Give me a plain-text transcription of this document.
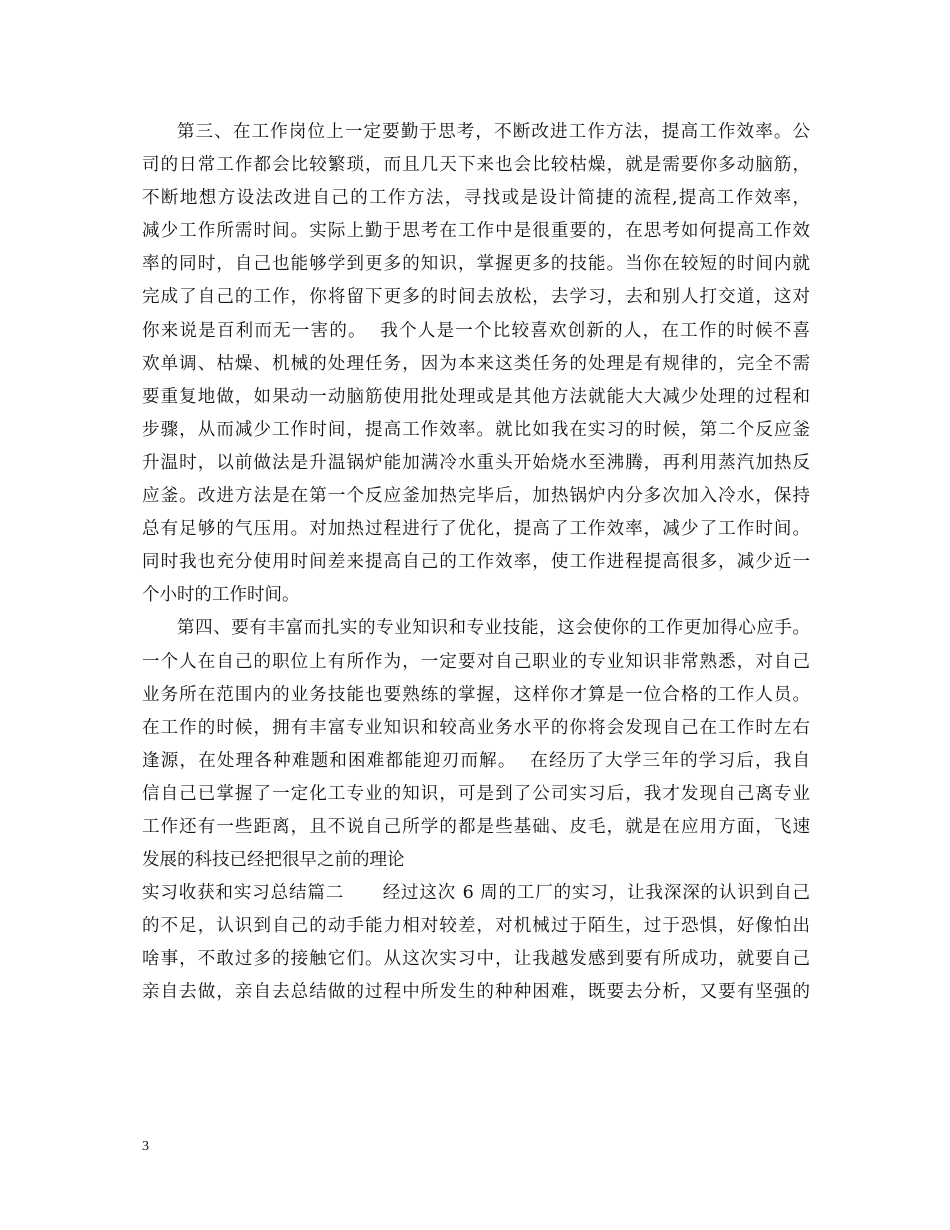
第三、在工作岗位上一定要勤于思考，不断改进工作方法，提高工作效率。公
司的日常工作都会比较繁琐，而且几天下来也会比较枯燥，就是需要你多动脑筋，
不断地想方设法改进自己的工作方法，寻找或是设计简捷的流程,提高工作效率，
减少工作所需时间。实际上勤于思考在工作中是很重要的，在思考如何提高工作效
率的同时，自己也能够学到更多的知识，掌握更多的技能。当你在较短的时间内就
完成了自己的工作，你将留下更多的时间去放松，去学习，去和别人打交道，这对
你来说是百利而无一害的。  我个人是一个比较喜欢创新的人，在工作的时候不喜
欢单调、枯燥、机械的处理任务，因为本来这类任务的处理是有规律的，完全不需
要重复地做，如果动一动脑筋使用批处理或是其他方法就能大大减少处理的过程和
步骤，从而减少工作时间，提高工作效率。就比如我在实习的时候，第二个反应釜
升温时，以前做法是升温锅炉能加满冷水重头开始烧水至沸腾，再利用蒸汽加热反
应釜。改进方法是在第一个反应釜加热完毕后，加热锅炉内分多次加入冷水，保持
总有足够的气压用。对加热过程进行了优化，提高了工作效率，减少了工作时间。
同时我也充分使用时间差来提高自己的工作效率，使工作进程提高很多，减少近一
个小时的工作时间。
第四、要有丰富而扎实的专业知识和专业技能，这会使你的工作更加得心应手。
一个人在自己的职位上有所作为，一定要对自己职业的专业知识非常熟悉，对自己
业务所在范围内的业务技能也要熟练的掌握，这样你才算是一位合格的工作人员。
在工作的时候，拥有丰富专业知识和较高业务水平的你将会发现自己在工作时左右
逢源，在处理各种难题和困难都能迎刃而解。  在经历了大学三年的学习后，我自
信自己已掌握了一定化工专业的知识，可是到了公司实习后，我才发现自己离专业
工作还有一些距离，且不说自己所学的都是些基础、皮毛，就是在应用方面，飞速
发展的科技已经把很早之前的理论
实习收获和实习总结篇二      经过这次 6 周的工厂的实习，让我深深的认识到自己
的不足，认识到自己的动手能力相对较差，对机械过于陌生，过于恐惧，好像怕出
啥事，不敢过多的接触它们。从这次实习中，让我越发感到要有所成功，就要自己
亲自去做，亲自去总结做的过程中所发生的种种困难，既要去分析，又要有坚强的
3
